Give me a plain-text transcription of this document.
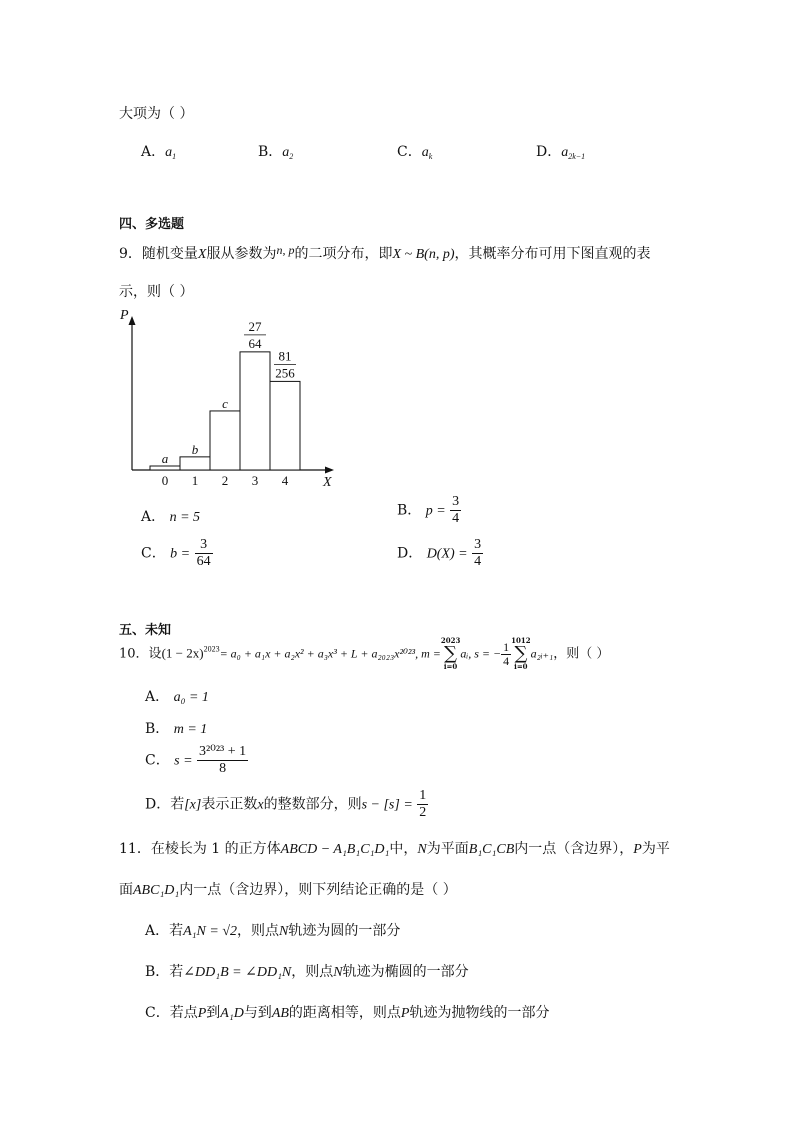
大项为（ ）
A．$a_1$	B．$a_2$	C．$a_k$	D．$a_{2k-1}$
四、多选题
9．随机变量X服从参数为n, p的二项分布，即X ~ B(n, p)，其概率分布可用下图直观的表
示，则（ ）
P
X
0
a
1
b
2
c
3
27
64
4
81
256
A． n = 5	B． $p = \frac{3}{4}$
C． $b = \frac{3}{64}$	D． $D(X) = \frac{3}{4}$
五、未知
10．设$(1 - 2x)^{2023}= a_0 + a_1x + a_2x^2 + a_3x^3 + L + a_{2023}x^{2023}$, m =
2023
∑
i=0
aᵢ, s = − $\frac{1}{4} 1012$
∑
i=0
a₂ᵢ₊₁，则（ ）
A． a₀ = 1
B． m = 1
C． $s = \frac{\text{3²⁰²³ + 1}}{8}$
D．若[x]表示正数x的整数部分，则$s - [s] = \frac{1}{2}$
11．在棱长为 1 的正方体ABCD − A₁B₁C₁D₁中，N为平面B₁C₁CB内一点（含边界），P为平
面ABC₁D₁内一点（含边界），则下列结论正确的是（ ）
A．若A₁N = √2，则点N轨迹为圆的一部分
B．若∠DD₁B = ∠DD₁N，则点N轨迹为椭圆的一部分
C．若点P到A₁D与到AB的距离相等，则点P轨迹为抛物线的一部分
